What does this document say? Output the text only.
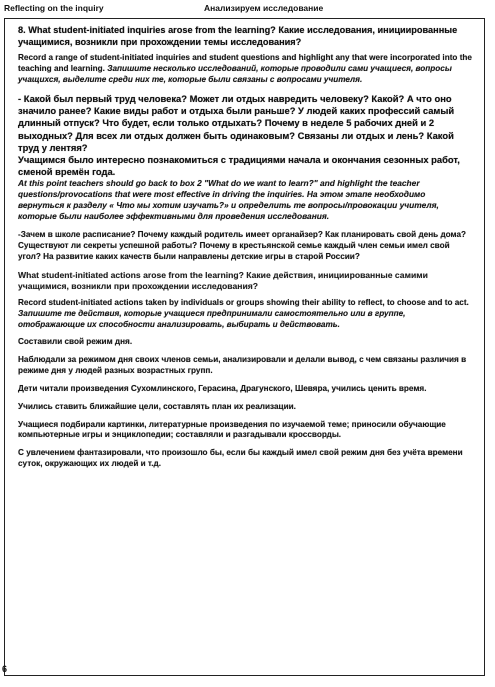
Reflecting on the inquiry	Анализируем исследование
8. What student-initiated inquiries arose from the learning? Какие исследования, инициированные учащимися, возникли при прохождении темы исследования?
Record a range of student-initiated inquiries and student questions and highlight any that were incorporated into the teaching and learning. Запишите несколько исследований, которые проводили сами учащиеся, вопросы учащихся, выделите среди них те, которые были связаны с вопросами учителя.
- Какой был первый труд человека? Может ли отдых навредить человеку? Какой? А что оно значило ранее? Какие виды работ и отдыха были раньше? У людей каких профессий самый длинный отпуск? Что будет, если только отдыхать? Почему в неделе 5 рабочих дней и 2 выходных? Для всех ли отдых должен быть одинаковым? Связаны ли отдых и лень? Какой труд у лентяя?
Учащимся было интересно познакомиться с традициями начала и окончания сезонных работ, сменой времён года.
At this point teachers should go back to box 2 "What do we want to learn?" and highlight the teacher questions/provocations that were most effective in driving the inquiries. На этом этапе необходимо вернуться к разделу « Что мы хотим изучать?» и определить те вопросы/провокации учителя, которые были наиболее эффективными для проведения исследования.
-Зачем в школе расписание? Почему каждый родитель имеет органайзер? Как планировать свой день дома? Существуют ли секреты успешной работы? Почему в крестьянской семье каждый член семьи имел свой угол? На развитие каких качеств были направлены детские игры в старой России?
What student-initiated actions arose from the learning? Какие действия, инициированные самими учащимися, возникли при прохождении исследования?
Record student-initiated actions taken by individuals or groups showing their ability to reflect, to choose and to act. Запишите те действия, которые учащиеся предпринимали самостоятельно или в группе, отображающие их способности анализировать, выбирать и действовать.
Составили свой режим дня.
Наблюдали за режимом дня своих членов семьи, анализировали и делали вывод, с чем связаны различия в режиме дня у людей разных возрастных групп.
Дети читали произведения Сухомлинского, Герасина, Драгунского, Шевяра, учились ценить время.
Учились ставить ближайшие цели, составлять план их реализации.
Учащиеся подбирали картинки, литературные произведения по изучаемой теме; приносили обучающие компьютерные игры и энциклопедии; составляли и разгадывали кроссворды.
С увлечением фантазировали, что произошло бы, если бы каждый имел свой режим дня без учёта времени суток, окружающих их людей и т.д.
6
